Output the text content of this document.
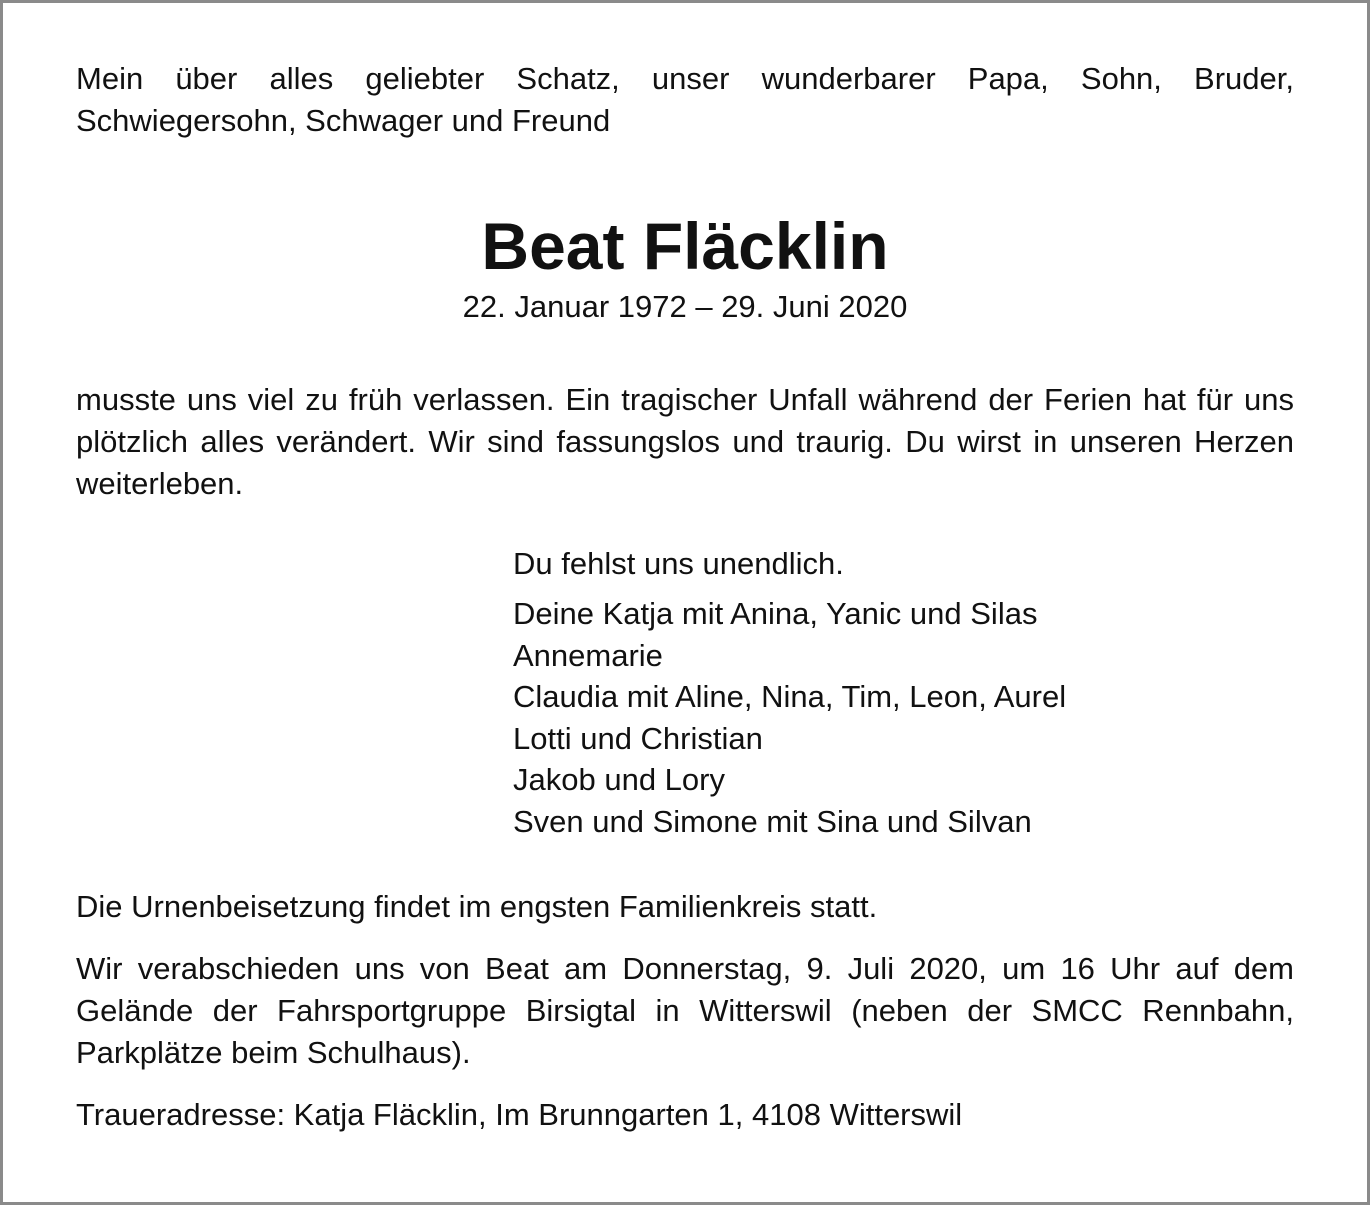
Mein über alles geliebter Schatz, unser wunderbarer Papa, Sohn, Bruder, Schwiegersohn, Schwager und Freund

Beat Fläcklin

22. Januar 1972 – 29. Juni 2020

musste uns viel zu früh verlassen. Ein tragischer Unfall während der Ferien hat für uns plötzlich alles verändert. Wir sind fassungslos und traurig. Du wirst in unseren Herzen weiterleben.

Du fehlst uns unendlich.

Deine Katja mit Anina, Yanic und Silas
Annemarie
Claudia mit Aline, Nina, Tim, Leon, Aurel
Lotti und Christian
Jakob und Lory
Sven und Simone mit Sina und Silvan

Die Urnenbeisetzung findet im engsten Familienkreis statt.

Wir verabschieden uns von Beat am Donnerstag, 9. Juli 2020, um 16 Uhr auf dem Gelände der Fahrsportgruppe Birsigtal in Witterswil (neben der SMCC Rennbahn, Parkplätze beim Schulhaus).

Traueradresse: Katja Fläcklin, Im Brunngarten 1, 4108 Witterswil
